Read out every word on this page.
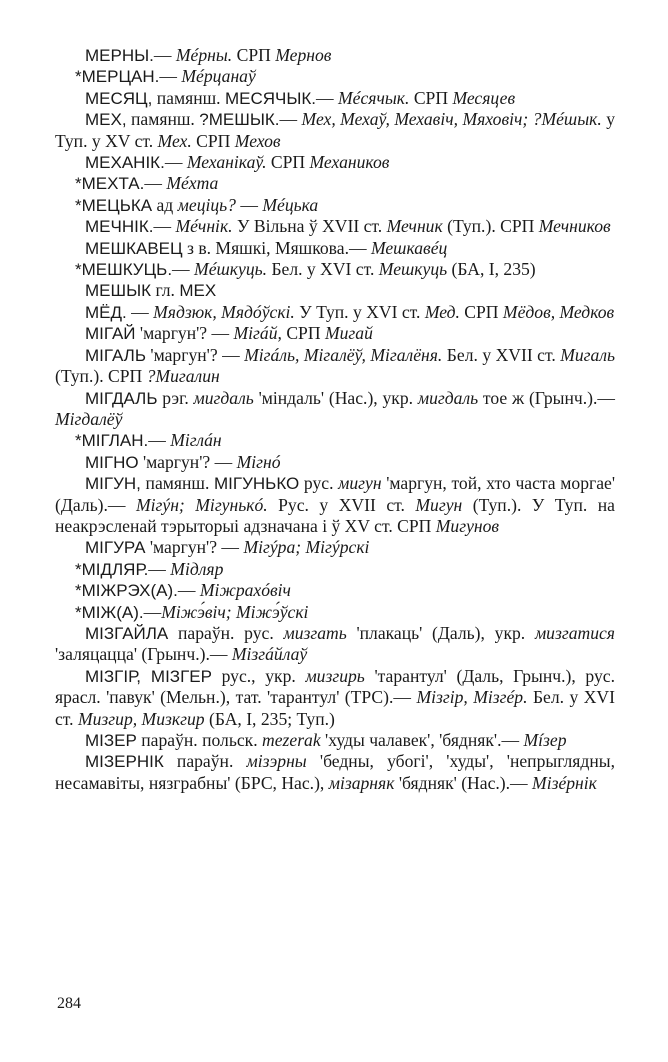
МЕРНЫ.— Мéрны. СРП Мернов

*МЕРЦАН.— Мéрцанаў

МЕСЯЦ, памянш. МЕСЯЧЫК.— Мéсячык. СРП Месяцев

МЕХ, памянш. ?МЕШЫК.— Мех, Мехаў, Мехавіч, Мяховіч; ?Мéшык. у Туп. у XV ст. Мех. СРП Мехов

МЕХАНІК.— Механікаў. СРП Механиков

*МЕХТА.— Мéхта

*МЕЦЬКА ад меціць? — Мéцька

МЕЧНІК.— Мéчнік. У Вільна ў XVII ст. Мечник (Туп.). СРП Мечников

МЕШКАВЕЦ з в. Мяшкі, Мяшкова.— Мешкавéц

*МЕШКУЦЬ.— Мéшкуць. Бел. у XVI ст. Мешкуць (БА, I, 235)

МЕШЫК гл. МЕХ

МЁД. — Мядзюк, Мядóўскі. У Туп. у XVI ст. Мед. СРП Мёдов, Медков

МІГАЙ 'маргун'? — Мігáй, СРП Мигай

МІГАЛЬ 'маргун'? — Мігáль, Мігалёў, Мігалёня. Бел. у XVII ст. Мигаль (Туп.). СРП ?Мигалин

МІГДАЛЬ рэг. мигдаль 'міндаль' (Нас.), укр. мигдаль тое ж (Грынч.).— Мігдалёў

*МІГЛАН.— Міглáн

МІГНО 'маргун'? — Мігнó

МІГУН, памянш. МІГУНЬКО рус. мигун 'маргун, той, хто часта моргае' (Даль).— Мігýн; Мігунькó. Рус. у XVII ст. Мигун (Туп.). У Туп. на неакрэсленай тэрыторыі адзначана і ў XV ст. СРП Мигунов

МІГУРА 'маргун'? — Мігýра; Мігýрскі

*МІДЛЯР.— Мідляр

*МІЖРЭХ(А).— Міжрахóвіч

*МІЖ(А).—Міжэ́віч; Міжэ́ўскі

МІЗГАЙЛА параўн. рус. мизгать 'плакаць' (Даль), укр. мизгатися 'заляцацца' (Грынч.).— Мізгáйлаў

МІЗГІР, МІЗГЕР рус., укр. мизгирь 'тарантул' (Даль, Грынч.), рус. ярасл. 'павук' (Мельн.), тат. 'тарантул' (ТРС).— Мізгір, Мізгéр. Бел. у XVI ст. Мизгир, Мизкгир (БА, I, 235; Туп.)

МІЗЕР параўн. польск. mezerak 'худы чалавек', 'бядняк'.— Мíзер

МІЗЕРНІК параўн. мізэрны 'бедны, убогі', 'худы', 'непрыглядны, несамавіты, нязграбны' (БРС, Нас.), мізарняк 'бядняк' (Нас.).— Мізéрнік

284
